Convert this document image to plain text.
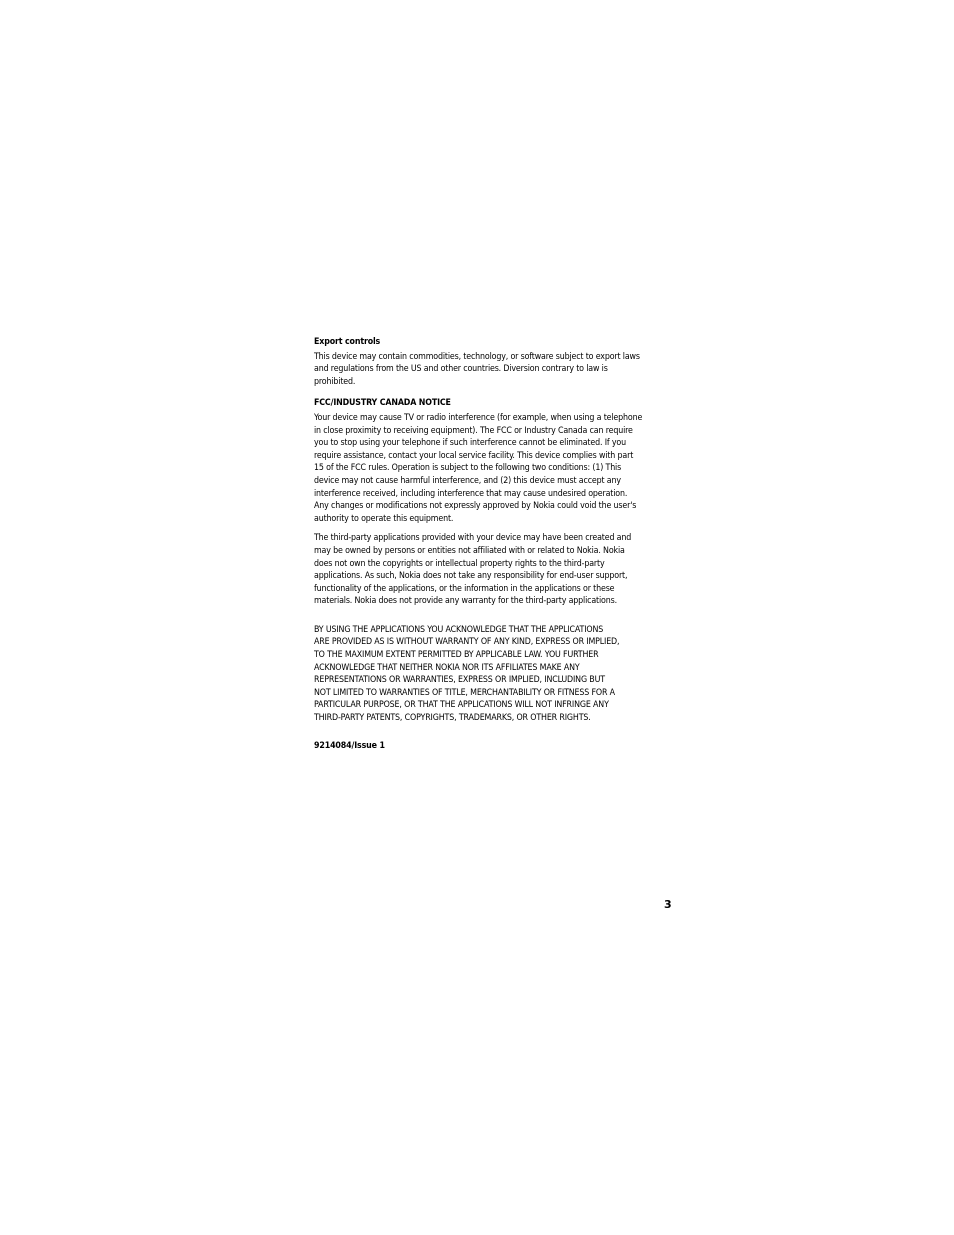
Export controls

This device may contain commodities, technology, or software subject to export laws
and regulations from the US and other countries. Diversion contrary to law is
prohibited.

FCC/INDUSTRY CANADA NOTICE

Your device may cause TV or radio interference (for example, when using a telephone
in close proximity to receiving equipment). The FCC or Industry Canada can require
you to stop using your telephone if such interference cannot be eliminated. If you
require assistance, contact your local service facility. This device complies with part
15 of the FCC rules. Operation is subject to the following two conditions: (1) This
device may not cause harmful interference, and (2) this device must accept any
interference received, including interference that may cause undesired operation.
Any changes or modifications not expressly approved by Nokia could void the user's
authority to operate this equipment.

The third-party applications provided with your device may have been created and
may be owned by persons or entities not affiliated with or related to Nokia. Nokia
does not own the copyrights or intellectual property rights to the third-party
applications. As such, Nokia does not take any responsibility for end-user support,
functionality of the applications, or the information in the applications or these
materials. Nokia does not provide any warranty for the third-party applications.

BY USING THE APPLICATIONS YOU ACKNOWLEDGE THAT THE APPLICATIONS
ARE PROVIDED AS IS WITHOUT WARRANTY OF ANY KIND, EXPRESS OR IMPLIED,
TO THE MAXIMUM EXTENT PERMITTED BY APPLICABLE LAW. YOU FURTHER
ACKNOWLEDGE THAT NEITHER NOKIA NOR ITS AFFILIATES MAKE ANY
REPRESENTATIONS OR WARRANTIES, EXPRESS OR IMPLIED, INCLUDING BUT
NOT LIMITED TO WARRANTIES OF TITLE, MERCHANTABILITY OR FITNESS FOR A
PARTICULAR PURPOSE, OR THAT THE APPLICATIONS WILL NOT INFRINGE ANY
THIRD-PARTY PATENTS, COPYRIGHTS, TRADEMARKS, OR OTHER RIGHTS.

9214084/Issue 1

3
